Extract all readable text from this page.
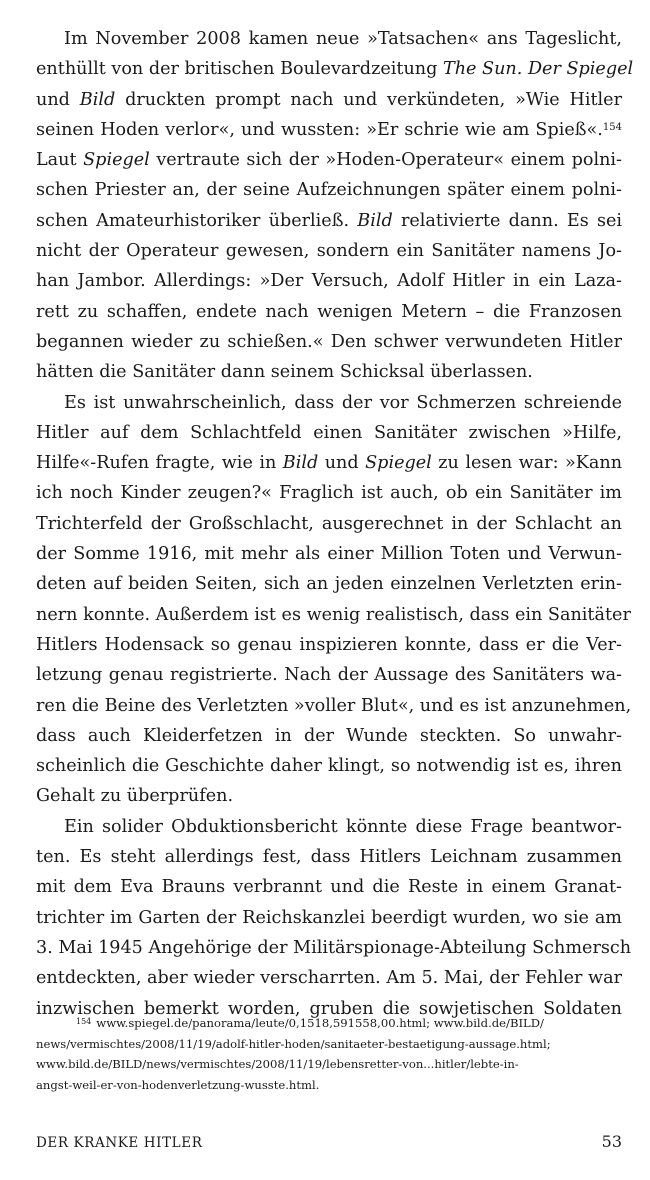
Im November 2008 kamen neue »Tatsachen« ans Tageslicht,
enthüllt von der britischen Boulevardzeitung The Sun. Der Spiegel
und Bild druckten prompt nach und verkündeten, »Wie Hitler
seinen Hoden verlor«, und wussten: »Er schrie wie am Spieß«.$^{154}$
Laut Spiegel vertraute sich der »Hoden-Operateur« einem polni-
schen Priester an, der seine Aufzeichnungen später einem polni-
schen Amateurhistoriker überließ. Bild relativierte dann. Es sei
nicht der Operateur gewesen, sondern ein Sanitäter namens Jo-
han Jambor. Allerdings: »Der Versuch, Adolf Hitler in ein Laza-
rett zu schaffen, endete nach wenigen Metern – die Franzosen
begannen wieder zu schießen.« Den schwer verwundeten Hitler
hätten die Sanitäter dann seinem Schicksal überlassen.
Es ist unwahrscheinlich, dass der vor Schmerzen schreiende
Hitler auf dem Schlachtfeld einen Sanitäter zwischen »Hilfe,
Hilfe«-Rufen fragte, wie in Bild und Spiegel zu lesen war: »Kann
ich noch Kinder zeugen?« Fraglich ist auch, ob ein Sanitäter im
Trichterfeld der Großschlacht, ausgerechnet in der Schlacht an
der Somme 1916, mit mehr als einer Million Toten und Verwun-
deten auf beiden Seiten, sich an jeden einzelnen Verletzten erin-
nern konnte. Außerdem ist es wenig realistisch, dass ein Sanitäter
Hitlers Hodensack so genau inspizieren konnte, dass er die Ver-
letzung genau registrierte. Nach der Aussage des Sanitäters wa-
ren die Beine des Verletzten »voller Blut«, und es ist anzunehmen,
dass auch Kleiderfetzen in der Wunde steckten. So unwahr-
scheinlich die Geschichte daher klingt, so notwendig ist es, ihren
Gehalt zu überprüfen.
Ein solider Obduktionsbericht könnte diese Frage beantwor-
ten. Es steht allerdings fest, dass Hitlers Leichnam zusammen
mit dem Eva Brauns verbrannt und die Reste in einem Granat-
trichter im Garten der Reichskanzlei beerdigt wurden, wo sie am
3. Mai 1945 Angehörige der Militärspionage-Abteilung Schmersch
entdeckten, aber wieder verscharrten. Am 5. Mai, der Fehler war
inzwischen bemerkt worden, gruben die sowjetischen Soldaten
$^{154}$ www.spiegel.de/panorama/leute/0,1518,591558,00.html; www.bild.de/BILD/
news/vermischtes/2008/11/19/adolf-hitler-hoden/sanitaeter-bestaetigung-aussage.html;
www.bild.de/BILD/news/vermischtes/2008/11/19/lebensretter-von...hitler/lebte-in-
angst-weil-er-von-hodenverletzung-wusste.html.
DER KRANKE HITLER	53
